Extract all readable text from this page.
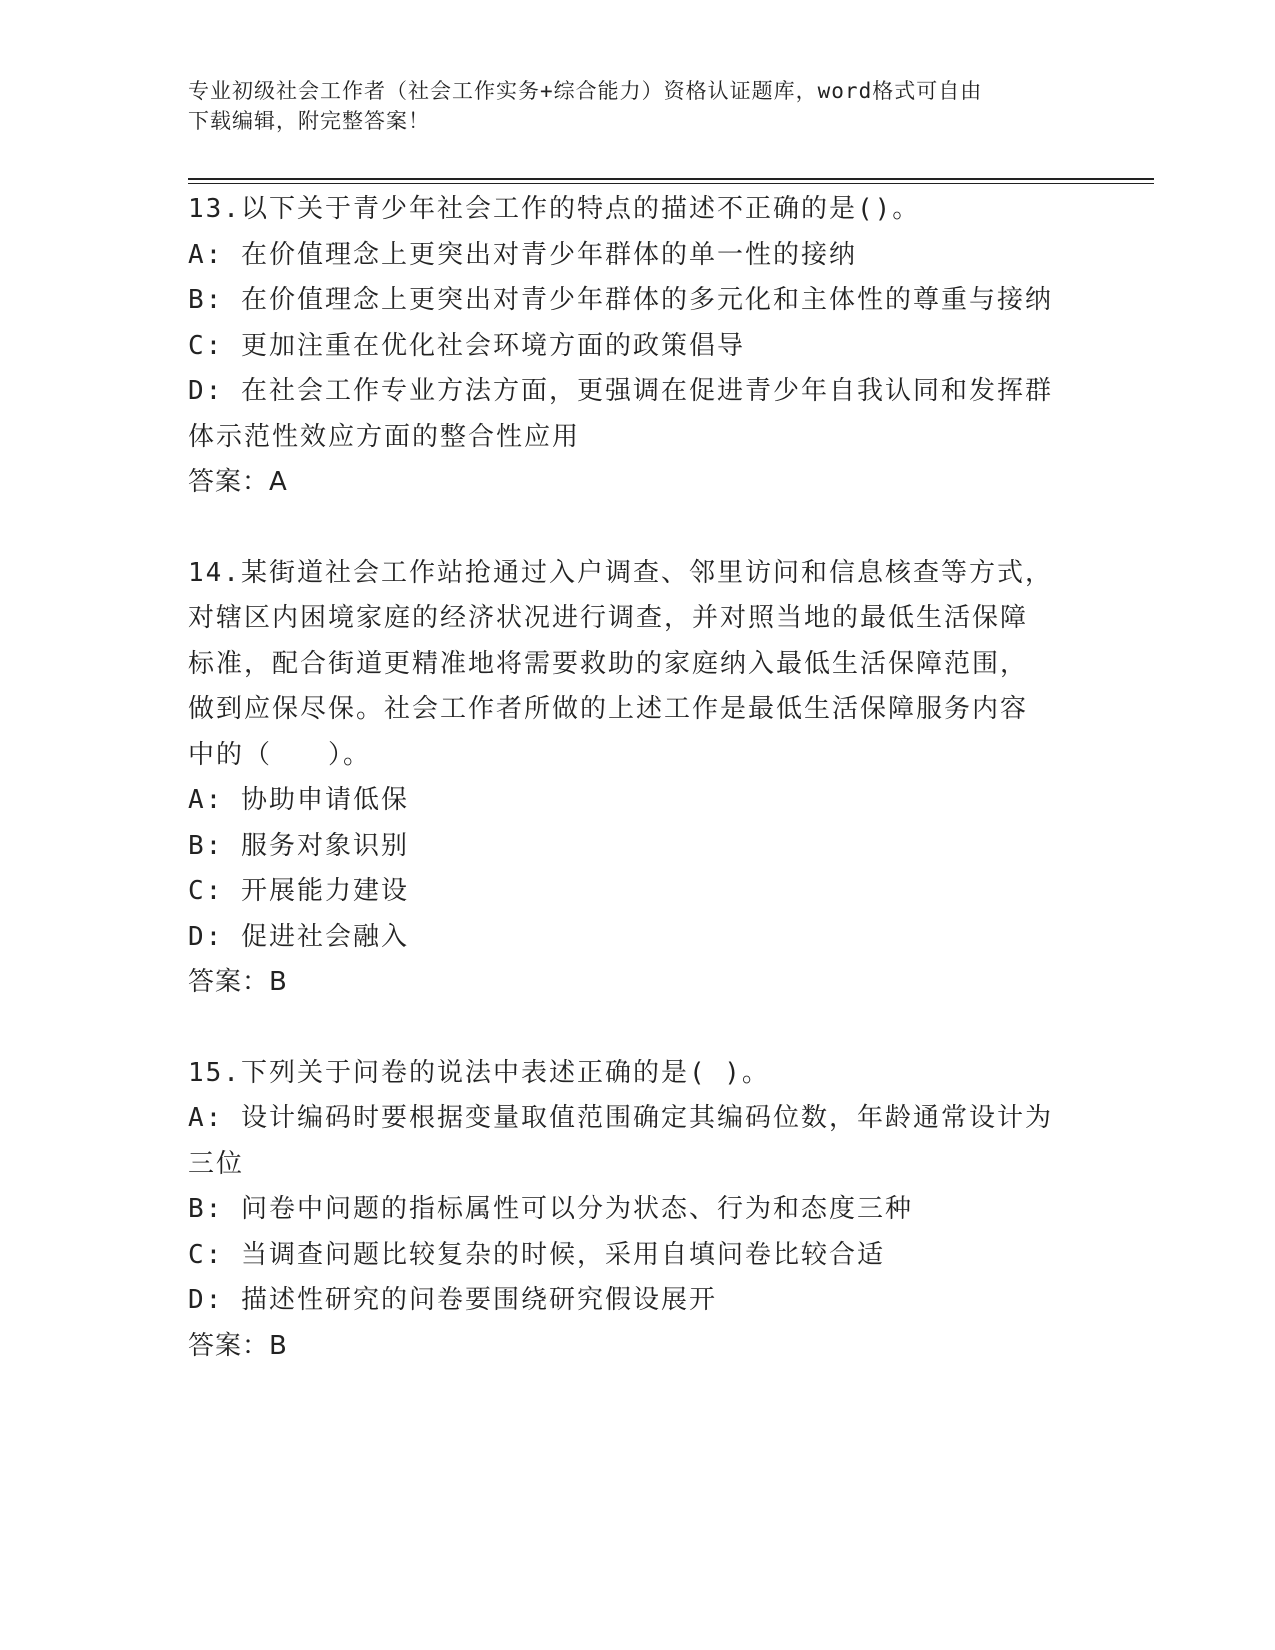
专业初级社会工作者（社会工作实务+综合能力）资格认证题库，word格式可自由
下载编辑，附完整答案！
13.以下关于青少年社会工作的特点的描述不正确的是()。
A: 在价值理念上更突出对青少年群体的单一性的接纳
B: 在价值理念上更突出对青少年群体的多元化和主体性的尊重与接纳
C: 更加注重在优化社会环境方面的政策倡导
D: 在社会工作专业方法方面，更强调在促进青少年自我认同和发挥群
体示范性效应方面的整合性应用
答案：A
14.某街道社会工作站抢通过入户调查、邻里访问和信息核查等方式，
对辖区内困境家庭的经济状况进行调查，并对照当地的最低生活保障
标准，配合街道更精准地将需要救助的家庭纳入最低生活保障范围，
做到应保尽保。社会工作者所做的上述工作是最低生活保障服务内容
中的（　　）。
A: 协助申请低保
B: 服务对象识别
C: 开展能力建设
D: 促进社会融入
答案：B
15.下列关于问卷的说法中表述正确的是( )。
A: 设计编码时要根据变量取值范围确定其编码位数，年龄通常设计为
三位
B: 问卷中问题的指标属性可以分为状态、行为和态度三种
C: 当调查问题比较复杂的时候，采用自填问卷比较合适
D: 描述性研究的问卷要围绕研究假设展开
答案：B
